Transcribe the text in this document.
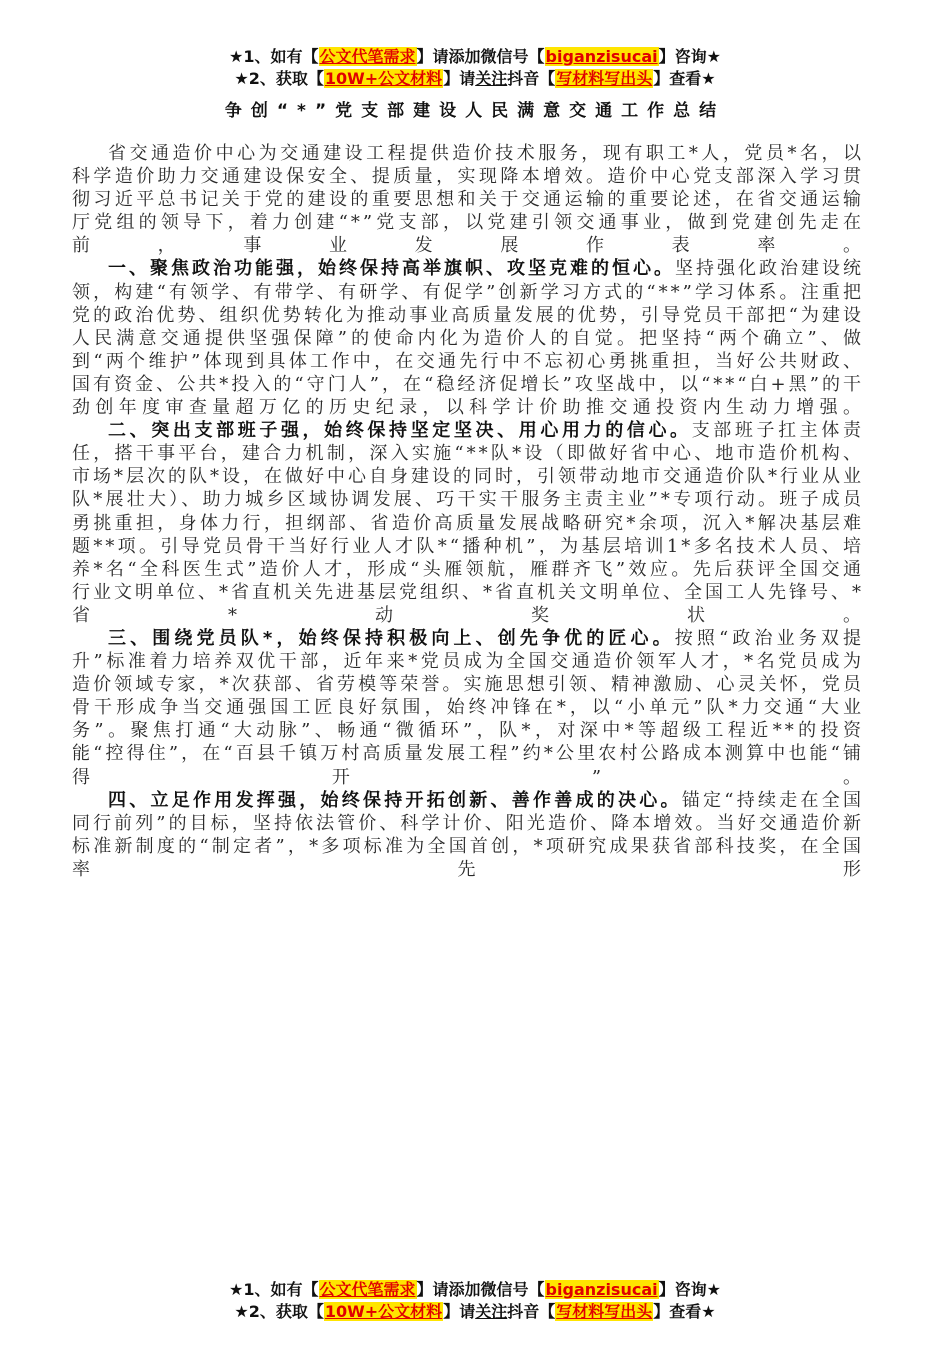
★1、如有【公文代笔需求】请添加微信号【biganzisucai】咨询★
★2、获取【10W+公文材料】请关注抖音【写材料写出头】查看★
争创“*”党支部建设人民满意交通工作总结

省交通造价中心为交通建设工程提供造价技术服务，现有职工*人，党员*名，以科学造价助力交通建设保安全、提质量，实现降本增效。造价中心党支部深入学习贯彻习近平总书记关于党的建设的重要思想和关于交通运输的重要论述，在省交通运输厅党组的领导下，着力创建“*”党支部，以党建引领交通事业，做到党建创先走在前，事业发展作表率。

一、聚焦政治功能强，始终保持高举旗帜、攻坚克难的恒心。坚持强化政治建设统领，构建“有领学、有带学、有研学、有促学”创新学习方式的“**”学习体系。注重把党的政治优势、组织优势转化为推动事业高质量发展的优势，引导党员干部把“为建设人民满意交通提供坚强保障”的使命内化为造价人的自觉。把坚持“两个确立”、做到“两个维护”体现到具体工作中，在交通先行中不忘初心勇挑重担，当好公共财政、国有资金、公共*投入的“守门人”，在“稳经济促增长”攻坚战中，以“**“白+黑”的干劲创年度审查量超万亿的历史纪录，以科学计价助推交通投资内生动力增强。

二、突出支部班子强，始终保持坚定坚决、用心用力的信心。支部班子扛主体责任，搭干事平台，建合力机制，深入实施“**队*设（即做好省中心、地市造价机构、市场*层次的队*设，在做好中心自身建设的同时，引领带动地市交通造价队*行业从业队*展壮大）、助力城乡区域协调发展、巧干实干服务主责主业”*专项行动。班子成员勇挑重担，身体力行，担纲部、省造价高质量发展战略研究*余项，沉入*解决基层难题**项。引导党员骨干当好行业人才队*“播种机”，为基层培训1*多名技术人员、培养*名“全科医生式”造价人才，形成“头雁领航，雁群齐飞”效应。先后获评全国交通行业文明单位、*省直机关先进基层党组织、*省直机关文明单位、全国工人先锋号、*省*动奖状。

三、围绕党员队*，始终保持积极向上、创先争优的匠心。按照“政治业务双提升”标准着力培养双优干部，近年来*党员成为全国交通造价领军人才，*名党员成为造价领域专家，*次获部、省劳模等荣誉。实施思想引领、精神激励、心灵关怀，党员骨干形成争当交通强国工匠良好氛围，始终冲锋在*，以“小单元”队*力交通“大业务”。聚焦打通“大动脉”、畅通“微循环”，队*，对深中*等超级工程近**的投资能“控得住”，在“百县千镇万村高质量发展工程”约*公里农村公路成本测算中也能“铺得开”。

四、立足作用发挥强，始终保持开拓创新、善作善成的决心。锚定“持续走在全国同行前列”的目标，坚持依法管价、科学计价、阳光造价、降本增效。当好交通造价新标准新制度的“制定者”，*多项标准为全国首创，*项研究成果获省部科技奖，在全国率先形

★1、如有【公文代笔需求】请添加微信号【biganzisucai】咨询★
★2、获取【10W+公文材料】请关注抖音【写材料写出头】查看★
